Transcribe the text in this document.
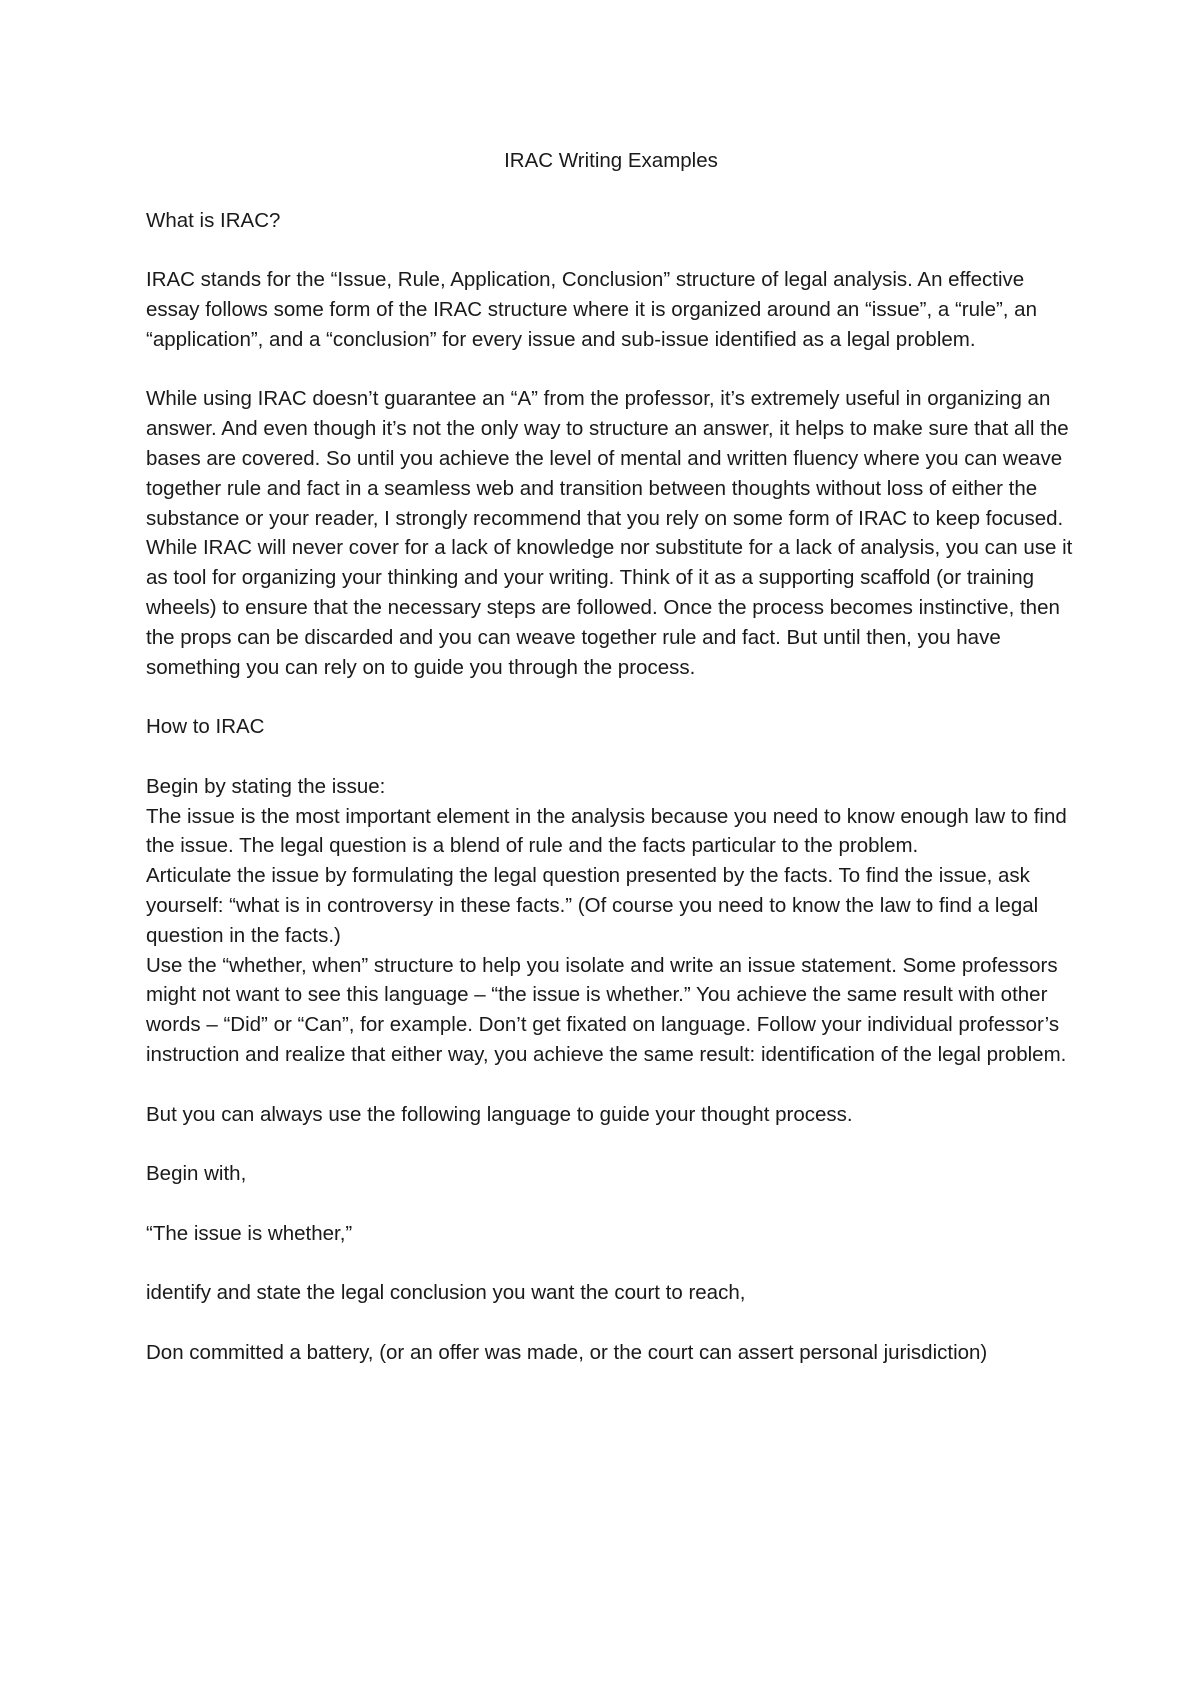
IRAC Writing Examples

What is IRAC?

IRAC stands for the “Issue, Rule, Application, Conclusion” structure of legal analysis. An effective essay follows some form of the IRAC structure where it is organized around an “issue”, a “rule”, an “application”, and a “conclusion” for every issue and sub-issue identified as a legal problem.

While using IRAC doesn’t guarantee an “A” from the professor, it’s extremely useful in organizing an answer. And even though it’s not the only way to structure an answer, it helps to make sure that all the bases are covered. So until you achieve the level of mental and written fluency where you can weave together rule and fact in a seamless web and transition between thoughts without loss of either the substance or your reader, I strongly recommend that you rely on some form of IRAC to keep focused. While IRAC will never cover for a lack of knowledge nor substitute for a lack of analysis, you can use it as tool for organizing your thinking and your writing. Think of it as a supporting scaffold (or training wheels) to ensure that the necessary steps are followed. Once the process becomes instinctive, then the props can be discarded and you can weave together rule and fact. But until then, you have something you can rely on to guide you through the process.

How to IRAC

Begin by stating the issue:

The issue is the most important element in the analysis because you need to know enough law to find the issue. The legal question is a blend of rule and the facts particular to the problem.

Articulate the issue by formulating the legal question presented by the facts. To find the issue, ask yourself: “what is in controversy in these facts.” (Of course you need to know the law to find a legal question in the facts.)

Use the “whether, when” structure to help you isolate and write an issue statement. Some professors might not want to see this language – “the issue is whether.” You achieve the same result with other words – “Did” or “Can”, for example. Don’t get fixated on language. Follow your individual professor’s instruction and realize that either way, you achieve the same result: identification of the legal problem.

But you can always use the following language to guide your thought process.

Begin with,

“The issue is whether,”

identify and state the legal conclusion you want the court to reach,

Don committed a battery, (or an offer was made, or the court can assert personal jurisdiction)
